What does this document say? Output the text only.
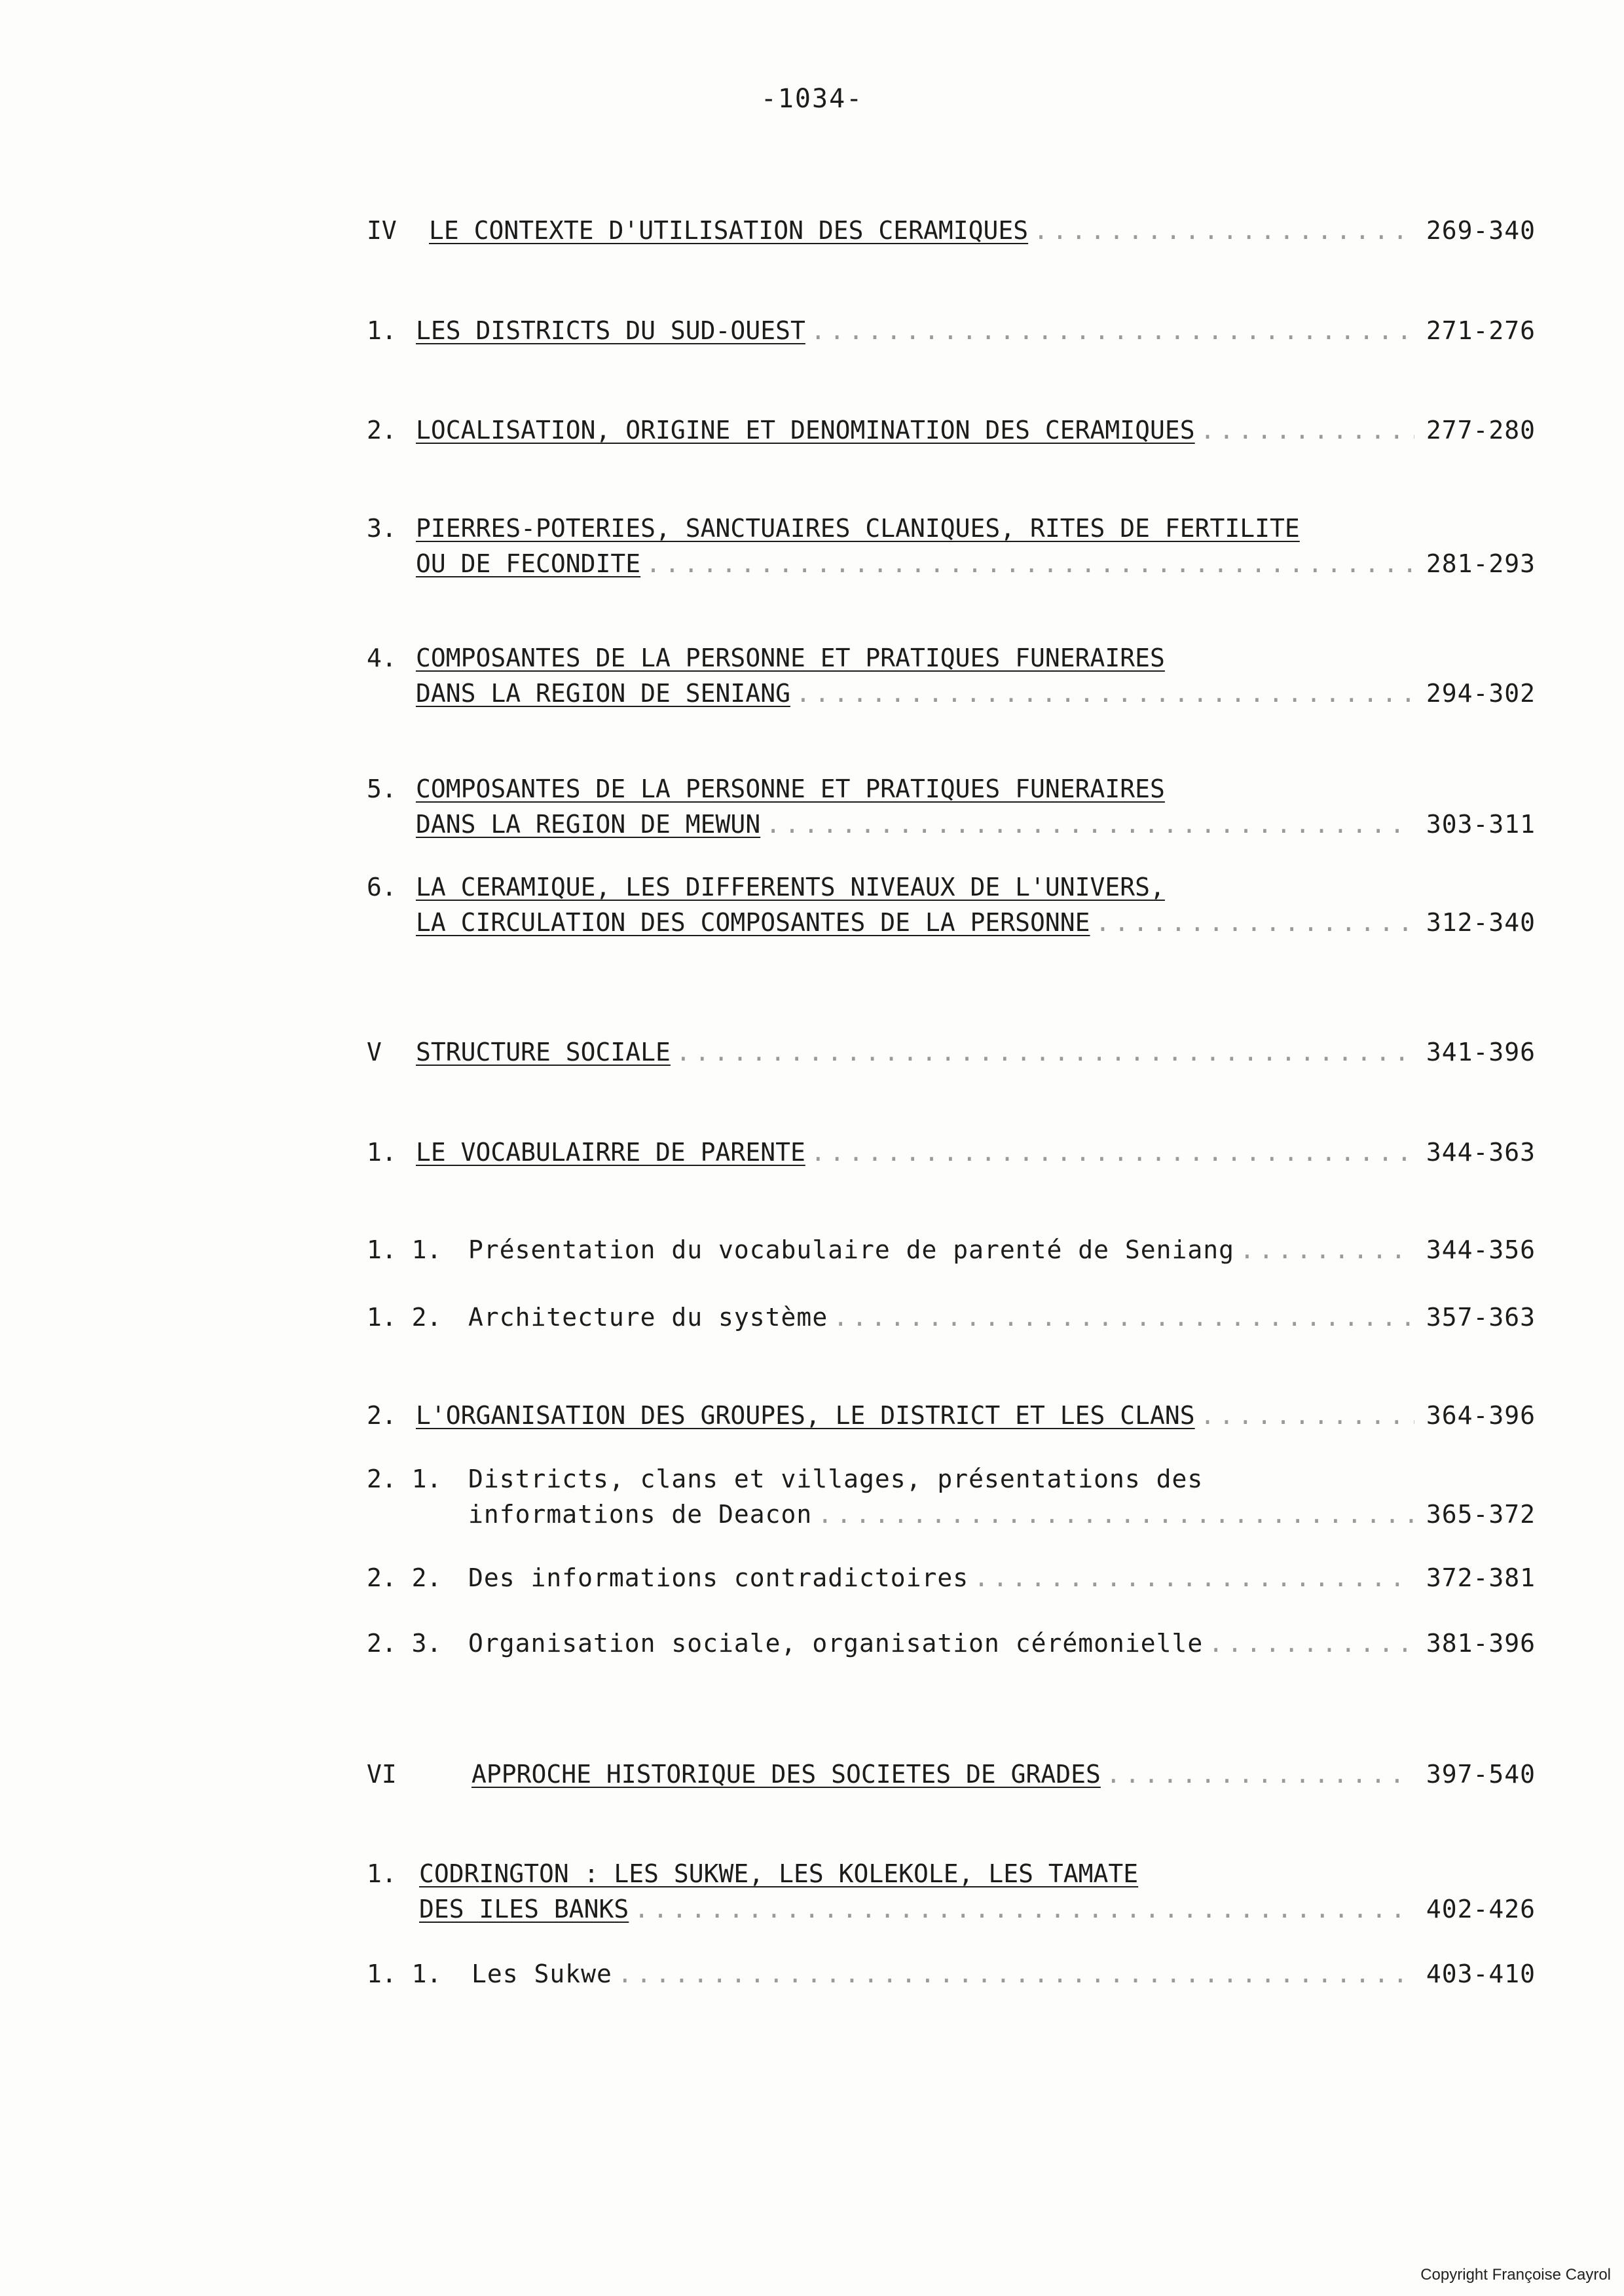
-1034-
IV LE CONTEXTE D'UTILISATION DES CERAMIQUES .....	269-340
1. LES DISTRICTS DU SUD-OUEST .....	271-276
2. LOCALISATION, ORIGINE ET DENOMINATION DES CERAMIQUES .....	277-280
3. PIERRES-POTERIES, SANCTUAIRES CLANIQUES, RITES DE FERTILITE
OU DE FECONDITE .....	281-293
4. COMPOSANTES DE LA PERSONNE ET PRATIQUES FUNERAIRES
DANS LA REGION DE SENIANG .....	294-302
5. COMPOSANTES DE LA PERSONNE ET PRATIQUES FUNERAIRES
DANS LA REGION DE MEWUN .....	303-311
6. LA CERAMIQUE, LES DIFFERENTS NIVEAUX DE L'UNIVERS,
LA CIRCULATION DES COMPOSANTES DE LA PERSONNE .....	312-340
V STRUCTURE SOCIALE .....	341-396
1. LE VOCABULAIRRE DE PARENTE .....	344-363
1. 1. Présentation du vocabulaire de parenté de Seniang .....	344-356
1. 2. Architecture du système .....	357-363
2. L'ORGANISATION DES GROUPES, LE DISTRICT ET LES CLANS .....	364-396
2. 1. Districts, clans et villages, présentations des
informations de Deacon .....	365-372
2. 2. Des informations contradictoires .....	372-381
2. 3. Organisation sociale, organisation cérémonielle .....	381-396
VI	APPROCHE HISTORIQUE DES SOCIETES DE GRADES .....	397-540
1. CODRINGTON : LES SUKWE, LES KOLEKOLE, LES TAMATE
DES ILES BANKS .....	402-426
1. 1. Les Sukwe .....	403-410
Copyright Françoise Cayrol
